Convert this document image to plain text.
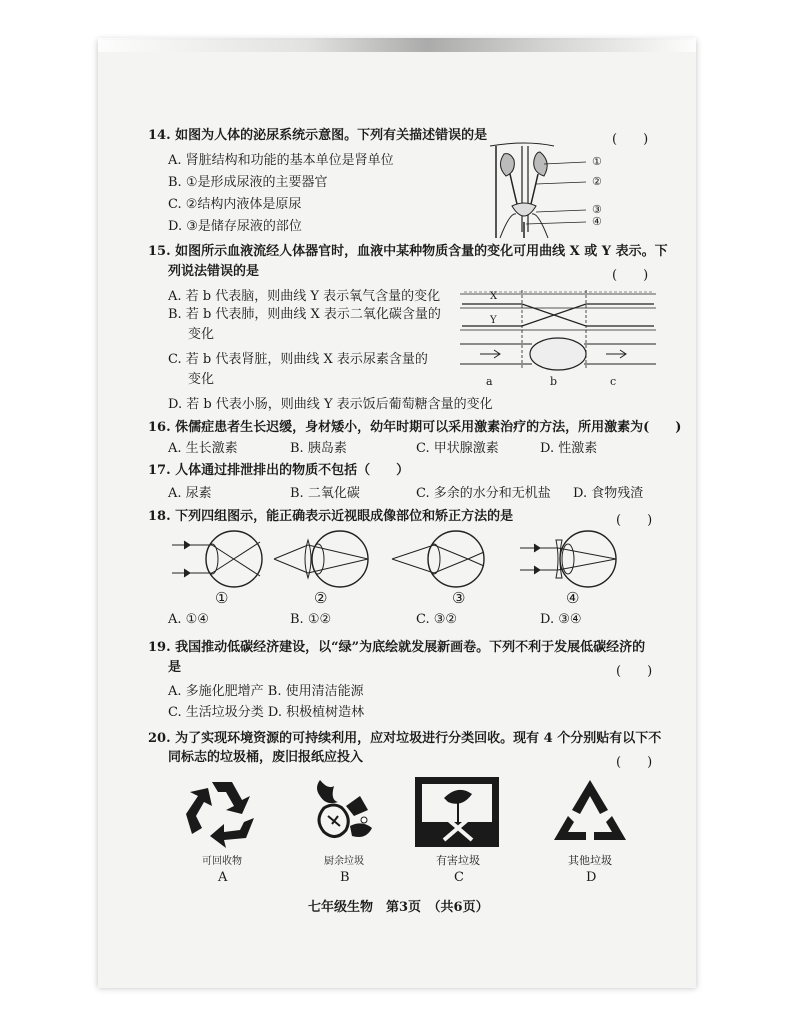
14. 如图为人体的泌尿系统示意图。下列有关描述错误的是	(　　)
A. 肾脏结构和功能的基本单位是肾单位
B. ①是形成尿液的主要器官
C. ②结构内液体是原尿
D. ③是储存尿液的部位
①
②
③
④
15. 如图所示血液流经人体器官时，血液中某种物质含量的变化可用曲线 X 或 Y 表示。下
列说法错误的是	(　　)
A. 若 b 代表脑，则曲线 Y 表示氧气含量的变化
B. 若 b 代表肺，则曲线 X 表示二氧化碳含量的
变化
C. 若 b 代表肾脏，则曲线 X 表示尿素含量的
变化
D. 若 b 代表小肠，则曲线 Y 表示饭后葡萄糖含量的变化
X
Y
a	b	c
16. 侏儒症患者生长迟缓，身材矮小，幼年时期可以采用激素治疗的方法，所用激素为(　　)
A. 生长激素	B. 胰岛素	C. 甲状腺激素	D. 性激素
17. 人体通过排泄排出的物质不包括（　　）
A. 尿素	B. 二氧化碳	C. 多余的水分和无机盐 D. 食物残渣
18. 下列四组图示，能正确表示近视眼成像部位和矫正方法的是	(　　)
①	②	③	④
A. ①④	B. ①②	C. ③②	D. ③④
19. 我国推动低碳经济建设，以“绿”为底绘就发展新画卷。下列不利于发展低碳经济的
是	(　　)
A. 多施化肥增产 B. 使用清洁能源
C. 生活垃圾分类 D. 积极植树造林
20. 为了实现环境资源的可持续利用，应对垃圾进行分类回收。现有 4 个分别贴有以下不
同标志的垃圾桶，废旧报纸应投入	(　　)
可回收物	厨余垃圾	有害垃圾	其他垃圾
A	B	C	D
七年级生物　第3页　（共6页）
